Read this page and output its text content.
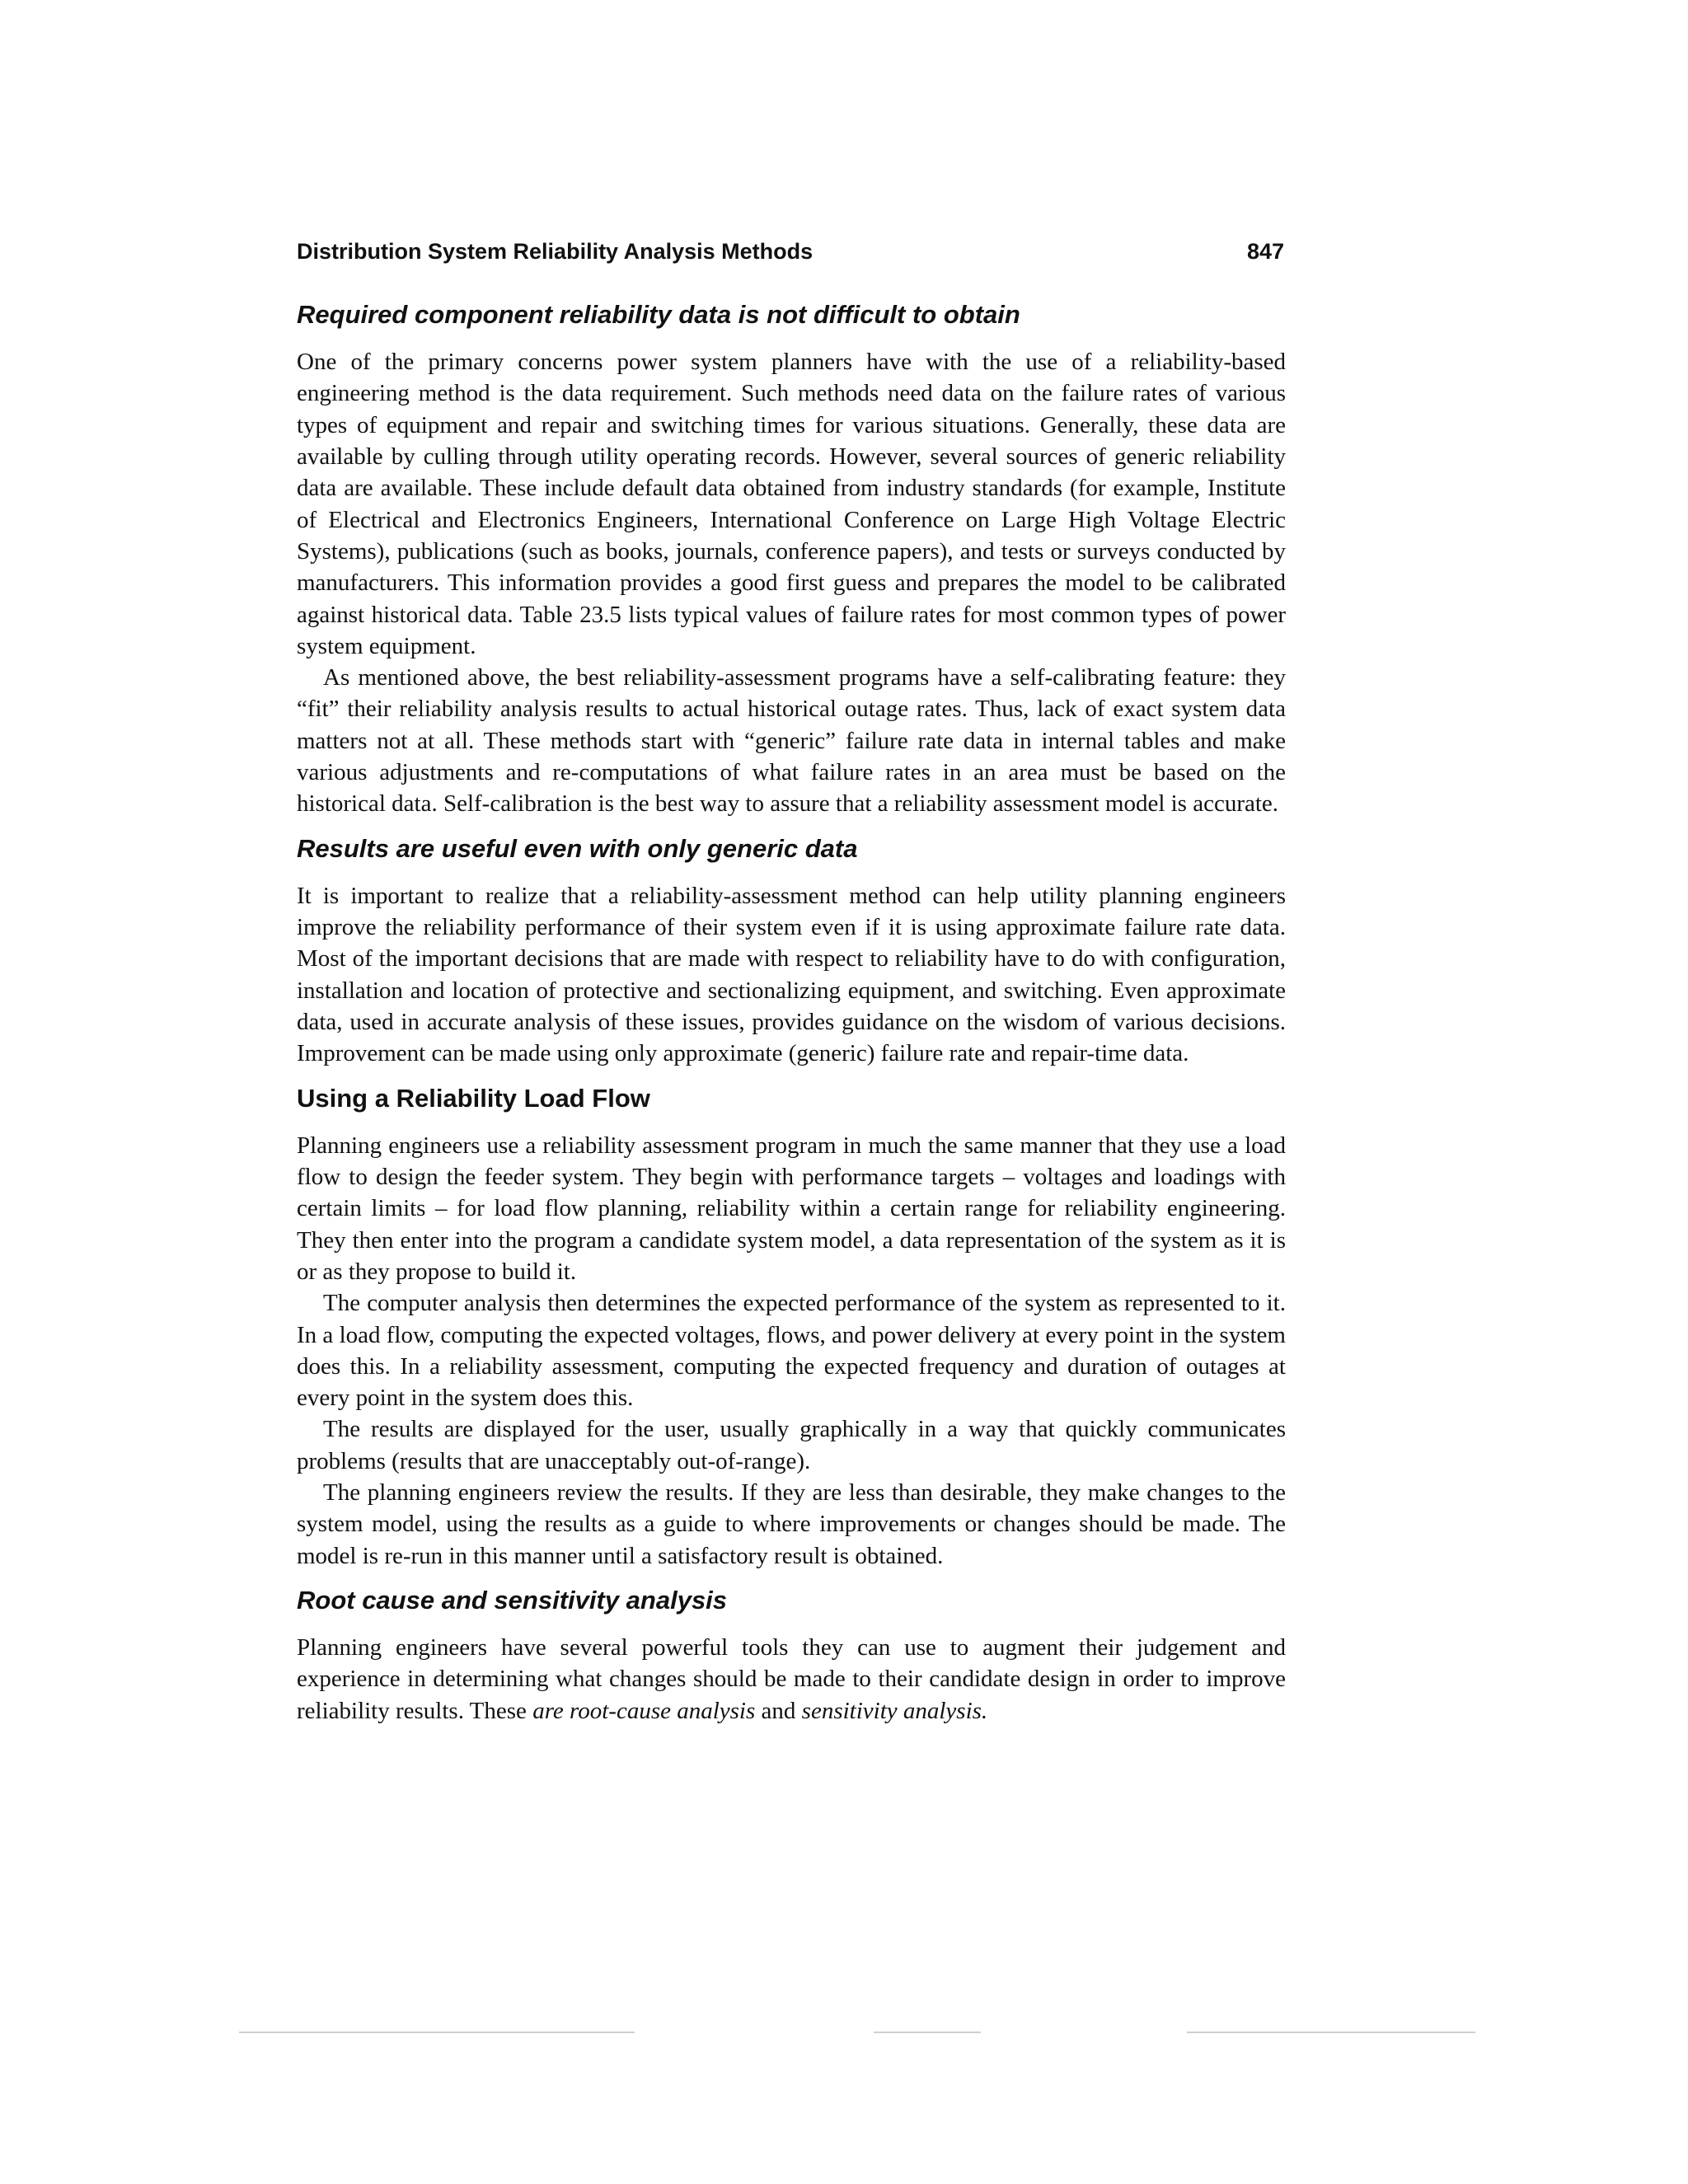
Distribution System Reliability Analysis Methods	847
Required component reliability data is not difficult to obtain

One of the primary concerns power system planners have with the use of a reliability-based engineering method is the data requirement. Such methods need data on the failure rates of various types of equipment and repair and switching times for various situations. Generally, these data are available by culling through utility operating records. However, several sources of generic reliability data are available. These include default data obtained from industry standards (for example, Institute of Electrical and Electronics Engineers, International Conference on Large High Voltage Electric Systems), publications (such as books, journals, conference papers), and tests or surveys conducted by manufacturers. This information provides a good first guess and prepares the model to be calibrated against historical data. Table 23.5 lists typical values of failure rates for most common types of power system equipment.

As mentioned above, the best reliability-assessment programs have a self-calibrating feature: they “fit” their reliability analysis results to actual historical outage rates. Thus, lack of exact system data matters not at all. These methods start with “generic” failure rate data in internal tables and make various adjustments and re-computations of what failure rates in an area must be based on the historical data. Self-calibration is the best way to assure that a reliability assessment model is accurate.

Results are useful even with only generic data

It is important to realize that a reliability-assessment method can help utility planning engineers improve the reliability performance of their system even if it is using approximate failure rate data. Most of the important decisions that are made with respect to reliability have to do with configuration, installation and location of protective and sectionalizing equipment, and switching. Even approximate data, used in accurate analysis of these issues, provides guidance on the wisdom of various decisions. Improvement can be made using only approximate (generic) failure rate and repair-time data.

Using a Reliability Load Flow

Planning engineers use a reliability assessment program in much the same manner that they use a load flow to design the feeder system. They begin with performance targets – voltages and loadings with certain limits – for load flow planning, reliability within a certain range for reliability engineering. They then enter into the program a candidate system model, a data representation of the system as it is or as they propose to build it.

The computer analysis then determines the expected performance of the system as represented to it. In a load flow, computing the expected voltages, flows, and power delivery at every point in the system does this. In a reliability assessment, computing the expected frequency and duration of outages at every point in the system does this.

The results are displayed for the user, usually graphically in a way that quickly communicates problems (results that are unacceptably out-of-range).

The planning engineers review the results. If they are less than desirable, they make changes to the system model, using the results as a guide to where improvements or changes should be made. The model is re-run in this manner until a satisfactory result is obtained.

Root cause and sensitivity analysis

Planning engineers have several powerful tools they can use to augment their judgement and experience in determining what changes should be made to their candidate design in order to improve reliability results. These are root-cause analysis and sensitivity analysis.
